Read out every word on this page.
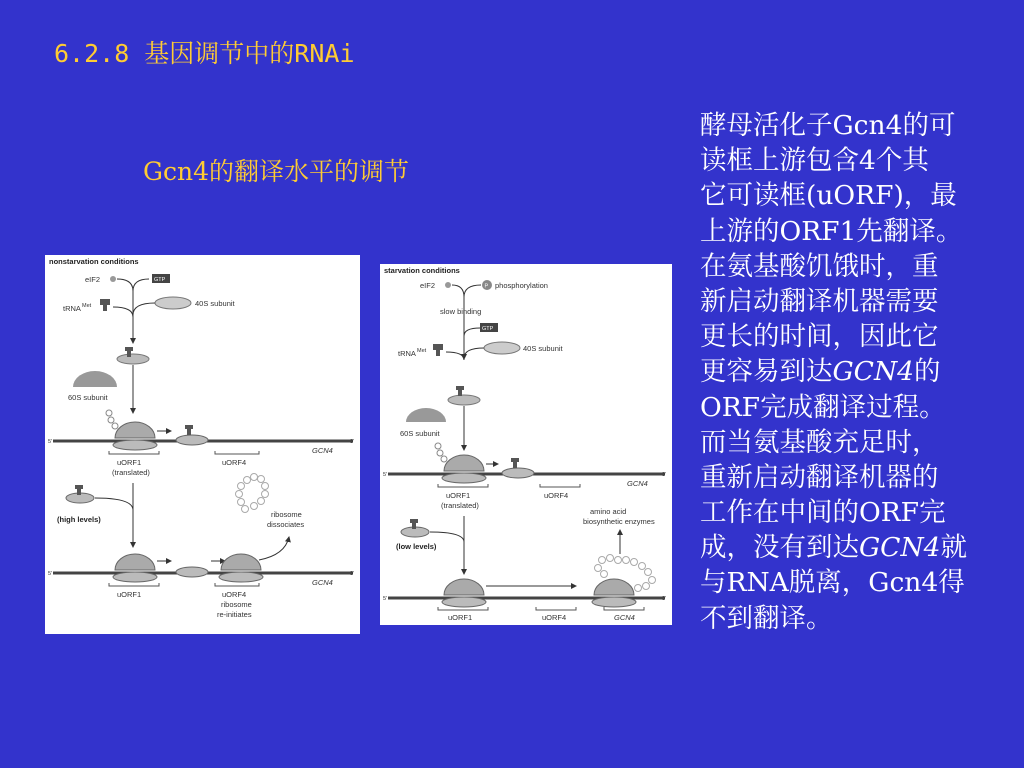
6.2.8 基因调节中的RNAi
Gcn4的翻译水平的调节
nonstarvation conditions
eIF2	GTP
tRNA Met	40S subunit
60S subunit
5'	3'
GCN4
uORF1
(translated)
uORF4
(high levels)
ribosome
dissociates
5'	3'
GCN4
uORF1	uORF4
ribosome
re-initiates
starvation conditions
eIF2	P phosphorylation
slow binding
GTP
tRNA Met	40S subunit
60S subunit
5'	3'
GCN4
uORF1
(translated)
uORF4
amino acid
biosynthetic enzymes
(low levels)
5'	3'
uORF1	uORF4	GCN4
酵母活化子Gcn4的可
读框上游包含4个其
它可读框(uORF)，最
上游的ORF1先翻译。
在氨基酸饥饿时，重
新启动翻译机器需要
更长的时间，因此它
更容易到达GCN4的
ORF完成翻译过程。
而当氨基酸充足时，
重新启动翻译机器的
工作在中间的ORF完
成，没有到达GCN4就
与RNA脱离，Gcn4得
不到翻译。
